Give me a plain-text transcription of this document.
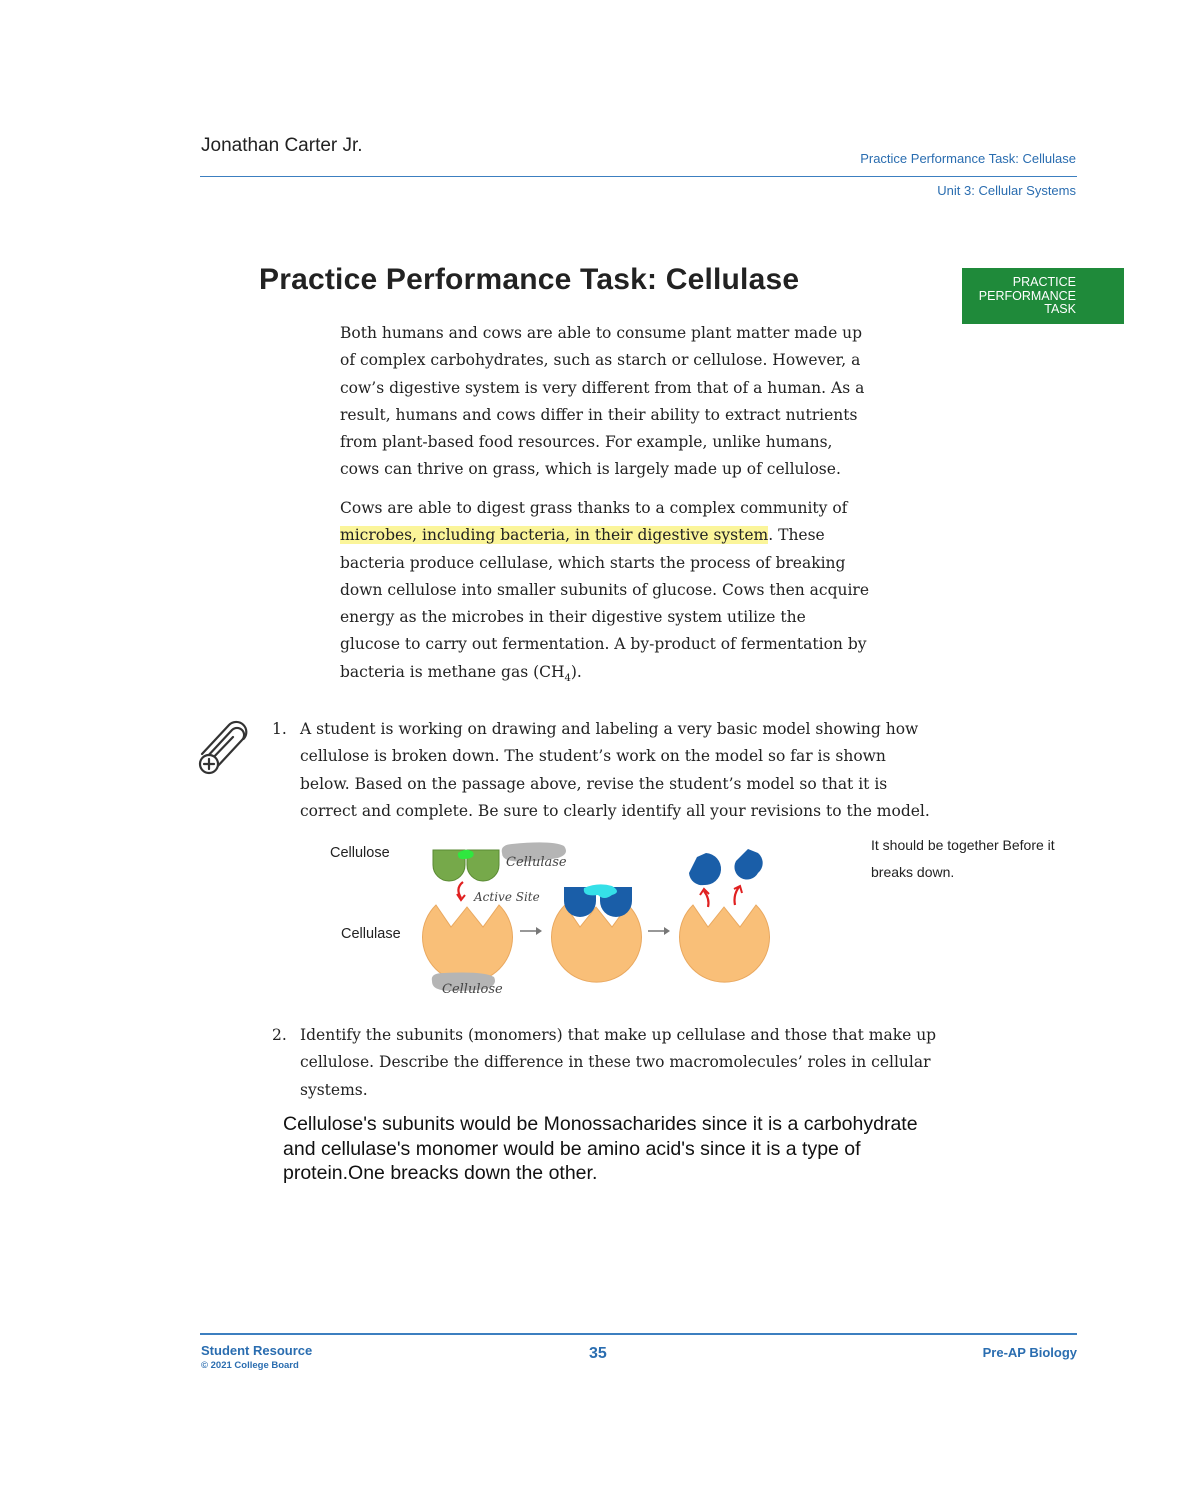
Jonathan Carter Jr.
Practice Performance Task: Cellulase
Unit 3: Cellular Systems
Practice Performance Task: Cellulase	PRACTICE
PERFORMANCE
TASK
Both humans and cows are able to consume plant matter made up of complex carbohydrates, such as starch or cellulose. However, a cow’s digestive system is very different from that of a human. As a result, humans and cows differ in their ability to extract nutrients from plant-based food resources. For example, unlike humans, cows can thrive on grass, which is largely made up of cellulose.
Cows are able to digest grass thanks to a complex community of microbes, including bacteria, in their digestive system. These bacteria produce cellulase, which starts the process of breaking down cellulose into smaller subunits of glucose. Cows then acquire energy as the microbes in their digestive system utilize the glucose to carry out fermentation. A by-product of fermentation by bacteria is methane gas $(CH_4)$.
1. A student is working on drawing and labeling a very basic model showing how cellulose is broken down. The student’s work on the model so far is shown below. Based on the passage above, revise the student’s model so that it is correct and complete. Be sure to clearly identify all your revisions to the model.
It should be together Before it breaks down.
Cellulose
Cellulase
Cellulase
Active Site
Cellulose
2. Identify the subunits (monomers) that make up cellulase and those that make up cellulose. Describe the difference in these two macromolecules’ roles in cellular systems.
Cellulose's subunits would be Monossacharides since it is a carbohydrate and cellulase's monomer would be amino acid's since it is a type of protein.One breacks down the other.
Student Resource
© 2021 College Board
35	Pre-AP Biology
